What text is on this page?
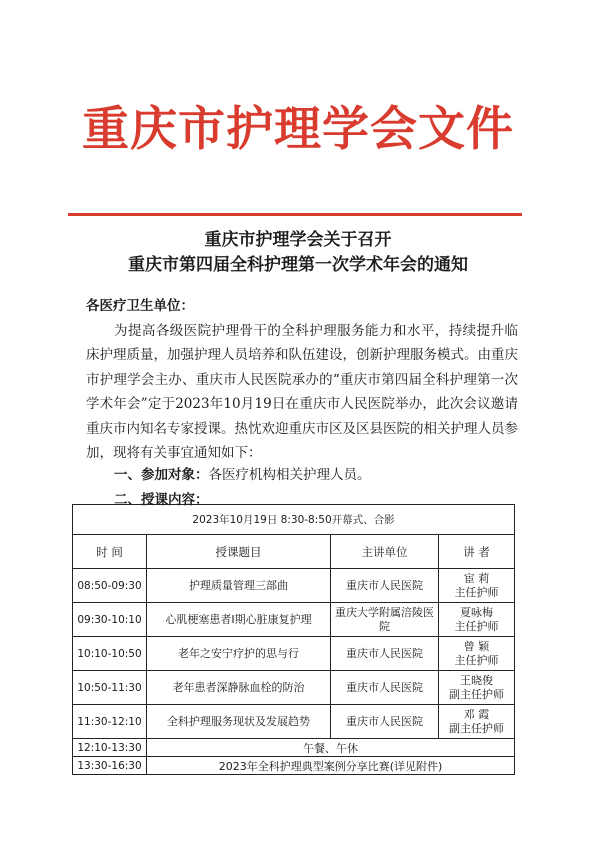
重庆市护理学会文件
重庆市护理学会关于召开
重庆市第四届全科护理第一次学术年会的通知
各医疗卫生单位：

为提高各级医院护理骨干的全科护理服务能力和水平，持续提升临床护理质量，加强护理人员培养和队伍建设，创新护理服务模式。由重庆市护理学会主办、重庆市人民医院承办的“重庆市第四届全科护理第一次学术年会”定于2023年10月19日在重庆市人民医院举办，此次会议邀请重庆市内知名专家授课。热忱欢迎重庆市区及区县医院的相关护理人员参加，现将有关事宜通知如下：

一、参加对象：各医疗机构相关护理人员。
二、授课内容：
2023年10月19日 8:30-8:50开幕式、合影			
时 间	授课题目	主讲单位	讲 者
08:50-09:30	护理质量管理三部曲	重庆市人民医院	宦 莉
主任护师

09:30-10:10	心肌梗塞患者Ⅰ期心脏康复护理	重庆大学附属涪陵医院	夏咏梅
主任护师

10:10-10:50	老年之安宁疗护的思与行	重庆市人民医院	曾 颖
主任护师

10:50-11:30	老年患者深静脉血栓的防治	重庆市人民医院	王晓俊
副主任护师

11:30-12:10	全科护理服务现状及发展趋势	重庆市人民医院	邓 霞
副主任护师

12:10-13:30	午餐、午休		
13:30-16:30	2023年全科护理典型案例分享比赛(详见附件)		
